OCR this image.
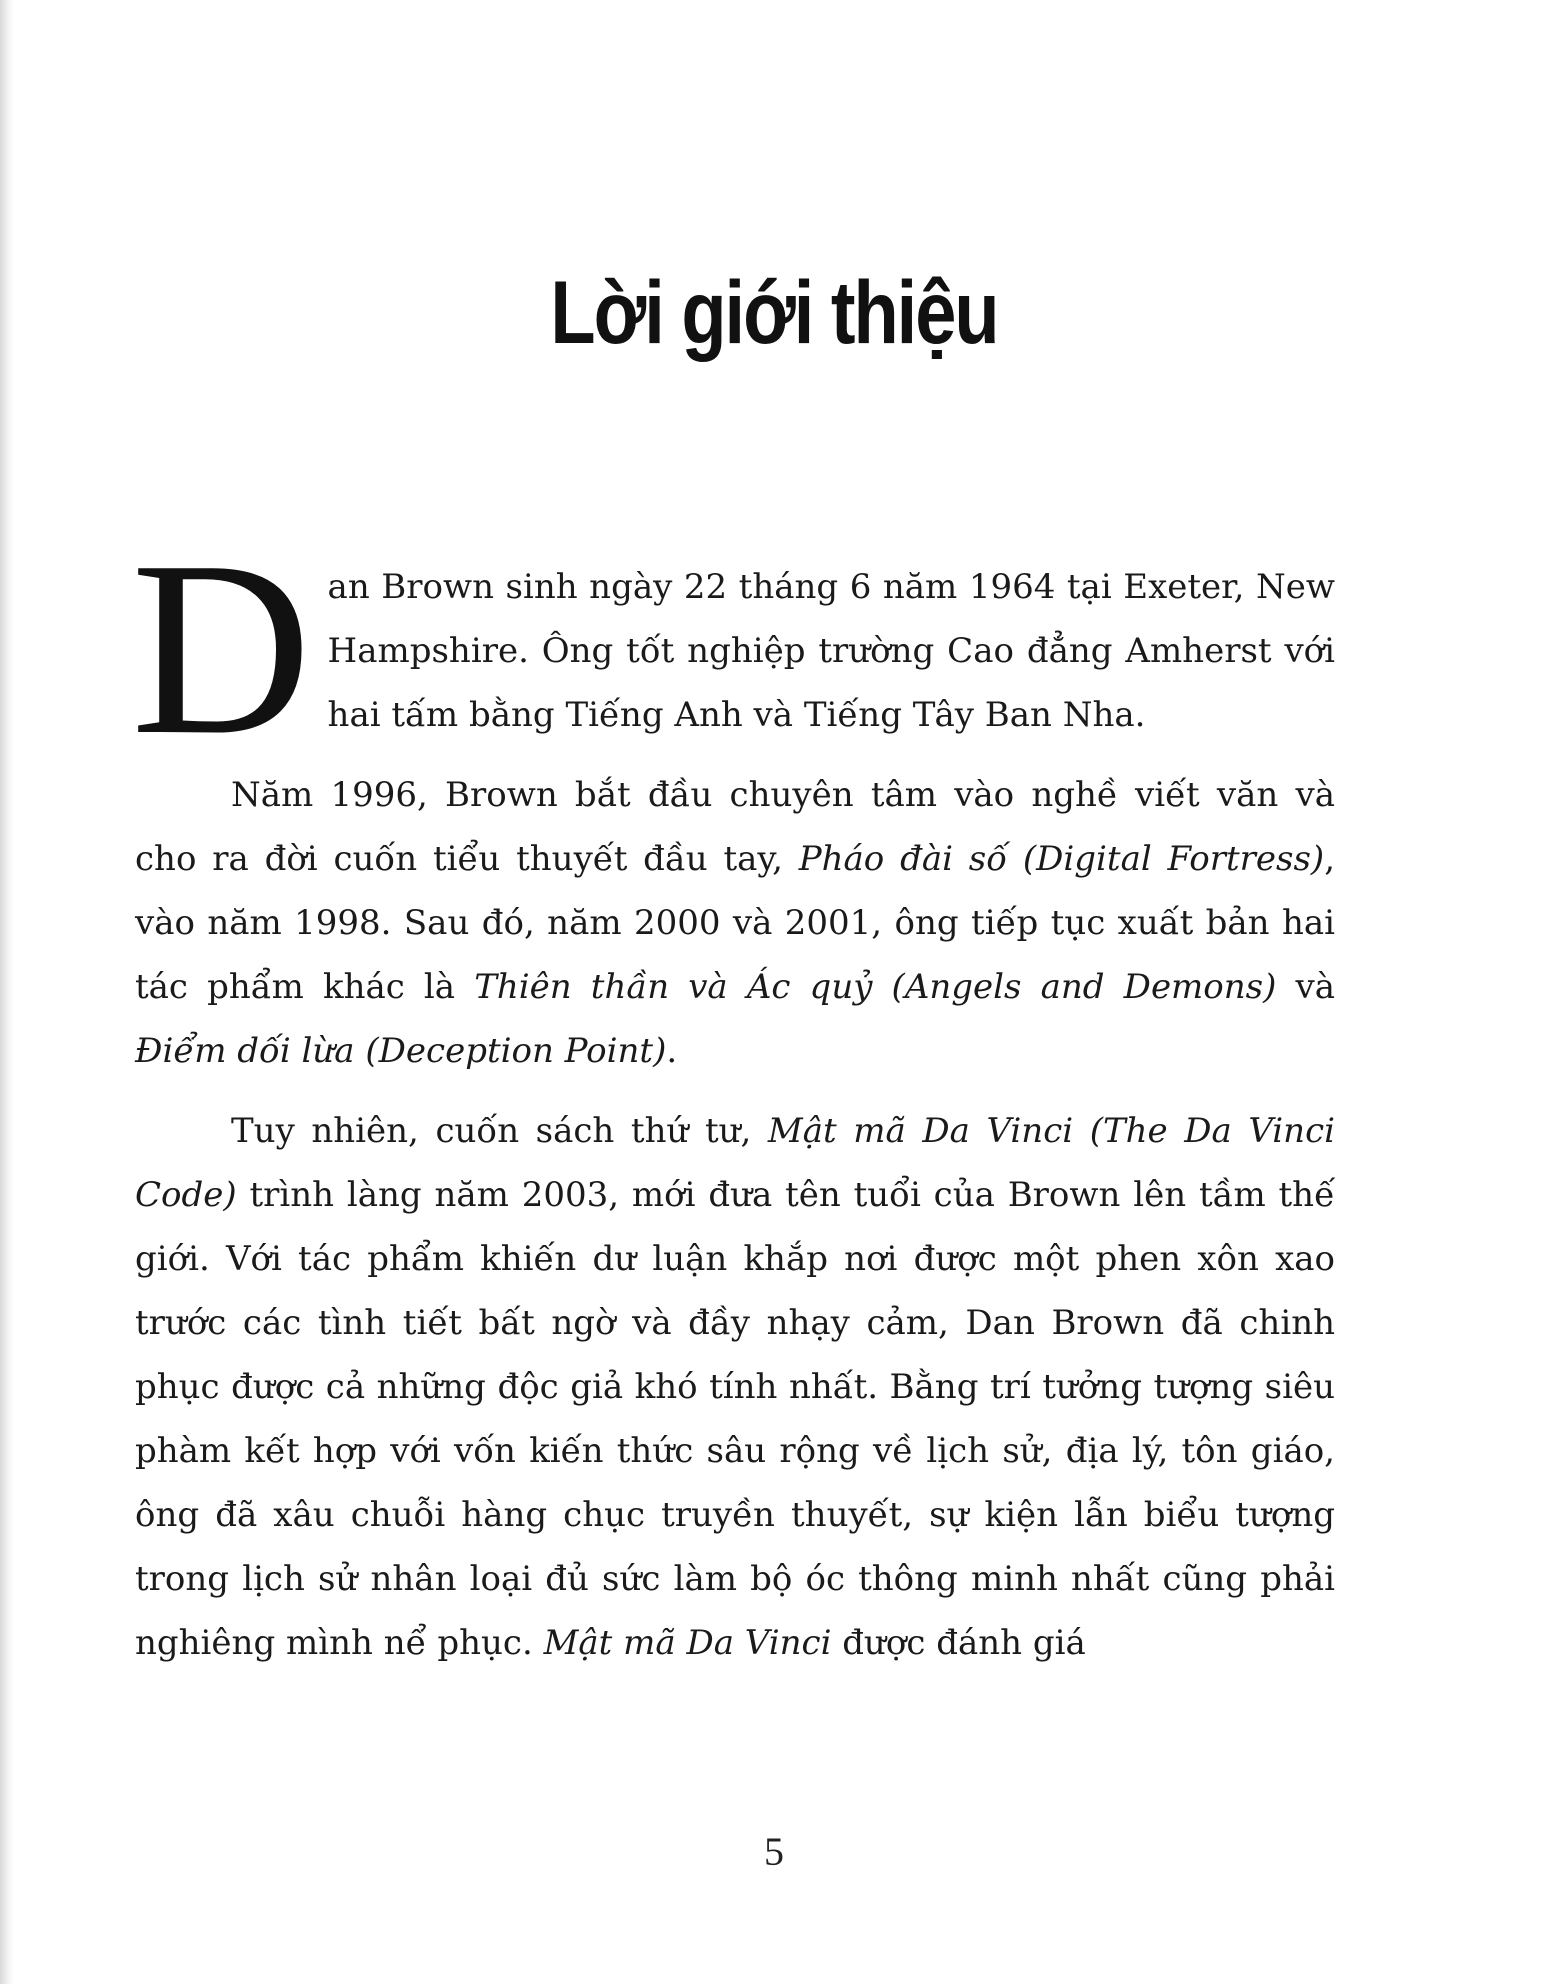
Lời giới thiệu

Dan Brown sinh ngày 22 tháng 6 năm 1964 tại Exeter, New Hampshire. Ông tốt nghiệp trường Cao đẳng Amherst với hai tấm bằng Tiếng Anh và Tiếng Tây Ban Nha.

Năm 1996, Brown bắt đầu chuyên tâm vào nghề viết văn và cho ra đời cuốn tiểu thuyết đầu tay, Pháo đài số (Digital Fortress), vào năm 1998. Sau đó, năm 2000 và 2001, ông tiếp tục xuất bản hai tác phẩm khác là Thiên thần và Ác quỷ (Angels and Demons) và Điểm dối lừa (Deception Point).

Tuy nhiên, cuốn sách thứ tư, Mật mã Da Vinci (The Da Vinci Code) trình làng năm 2003, mới đưa tên tuổi của Brown lên tầm thế giới. Với tác phẩm khiến dư luận khắp nơi được một phen xôn xao trước các tình tiết bất ngờ và đầy nhạy cảm, Dan Brown đã chinh phục được cả những độc giả khó tính nhất. Bằng trí tưởng tượng siêu phàm kết hợp với vốn kiến thức sâu rộng về lịch sử, địa lý, tôn giáo, ông đã xâu chuỗi hàng chục truyền thuyết, sự kiện lẫn biểu tượng trong lịch sử nhân loại đủ sức làm bộ óc thông minh nhất cũng phải nghiêng mình nể phục. Mật mã Da Vinci được đánh giá

5
